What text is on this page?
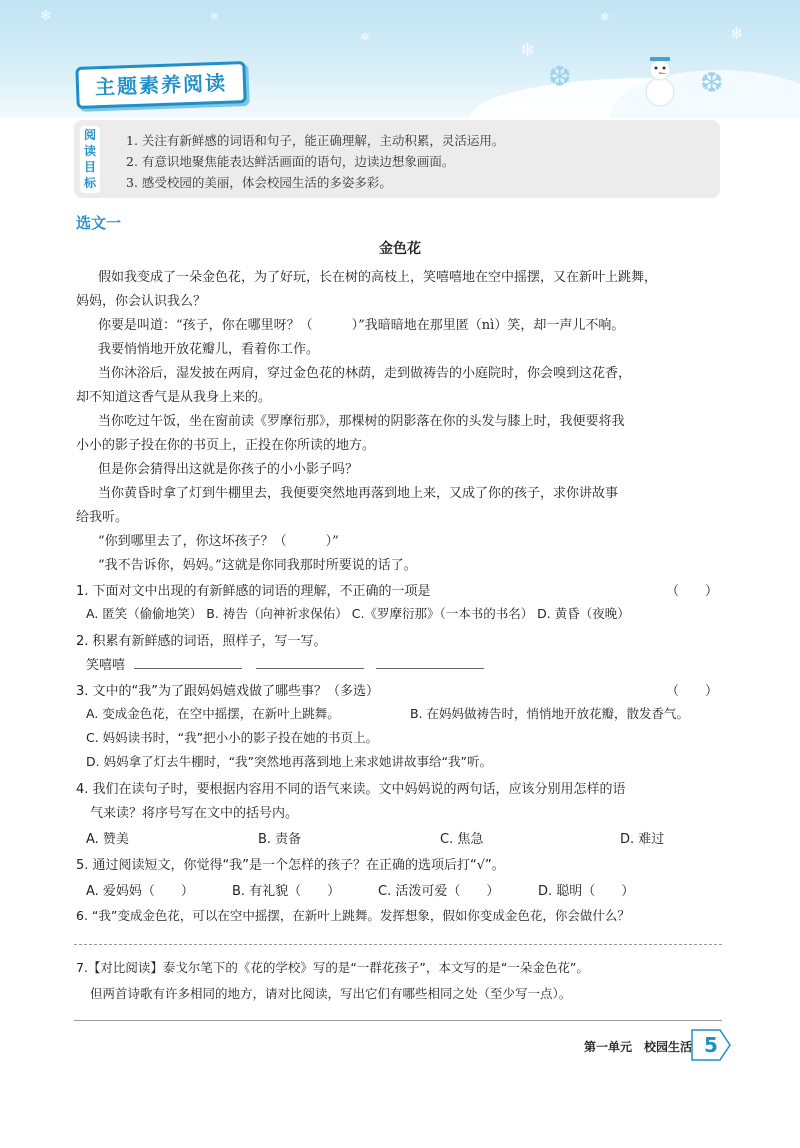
❄	❄
❄
❄
❄
❄
❆	❆
主题素养阅读
阅
读
目
标
1. 关注有新鲜感的词语和句子，能正确理解，主动积累，灵活运用。
2. 有意识地聚焦能表达鲜活画面的语句，边读边想象画面。
3. 感受校园的美丽，体会校园生活的多姿多彩。
选文一
金色花
假如我变成了一朵金色花，为了好玩，长在树的高枝上，笑嘻嘻地在空中摇摆，又在新叶上跳舞，
妈妈，你会认识我么？
你要是叫道：“孩子，你在哪里呀？（　　　）”我暗暗地在那里匿（nì）笑，却一声儿不响。
我要悄悄地开放花瓣儿，看着你工作。
当你沐浴后，湿发披在两肩，穿过金色花的林荫，走到做祷告的小庭院时，你会嗅到这花香，
却不知道这香气是从我身上来的。
当你吃过午饭，坐在窗前读《罗摩衍那》，那棵树的阴影落在你的头发与膝上时，我便要将我
小小的影子投在你的书页上，正投在你所读的地方。
但是你会猜得出这就是你孩子的小小影子吗？
当你黄昏时拿了灯到牛棚里去，我便要突然地再落到地上来，又成了你的孩子，求你讲故事
给我听。
“你到哪里去了，你这坏孩子？（　　　）”
“我不告诉你，妈妈。”这就是你同我那时所要说的话了。
1. 下面对文中出现的有新鲜感的词语的理解，不正确的一项是	（　　）
A. 匿笑（偷偷地笑） B. 祷告（向神祈求保佑） C.《罗摩衍那》（一本书的书名） D. 黄昏（夜晚）
2. 积累有新鲜感的词语，照样子，写一写。
笑嘻嘻
3. 文中的“我”为了跟妈妈嬉戏做了哪些事？（多选）	（　　）
A. 变成金色花，在空中摇摆，在新叶上跳舞。	B. 在妈妈做祷告时，悄悄地开放花瓣，散发香气。
C. 妈妈读书时，“我”把小小的影子投在她的书页上。
D. 妈妈拿了灯去牛棚时，“我”突然地再落到地上来求她讲故事给“我”听。
4. 我们在读句子时，要根据内容用不同的语气来读。文中妈妈说的两句话，应该分别用怎样的语
气来读？将序号写在文中的括号内。
A. 赞美	B. 责备	C. 焦急	D. 难过
5. 通过阅读短文，你觉得“我”是一个怎样的孩子？在正确的选项后打“√”。
A. 爱妈妈（　　）	B. 有礼貌（　　）	C. 活泼可爱（　　）	D. 聪明（　　）
6. “我”变成金色花，可以在空中摇摆，在新叶上跳舞。发挥想象，假如你变成金色花，你会做什么？
7.【对比阅读】泰戈尔笔下的《花的学校》写的是“一群花孩子”，本文写的是“一朵金色花”。
但两首诗歌有许多相同的地方，请对比阅读，写出它们有哪些相同之处（至少写一点）。
第一单元　校园生活 5
